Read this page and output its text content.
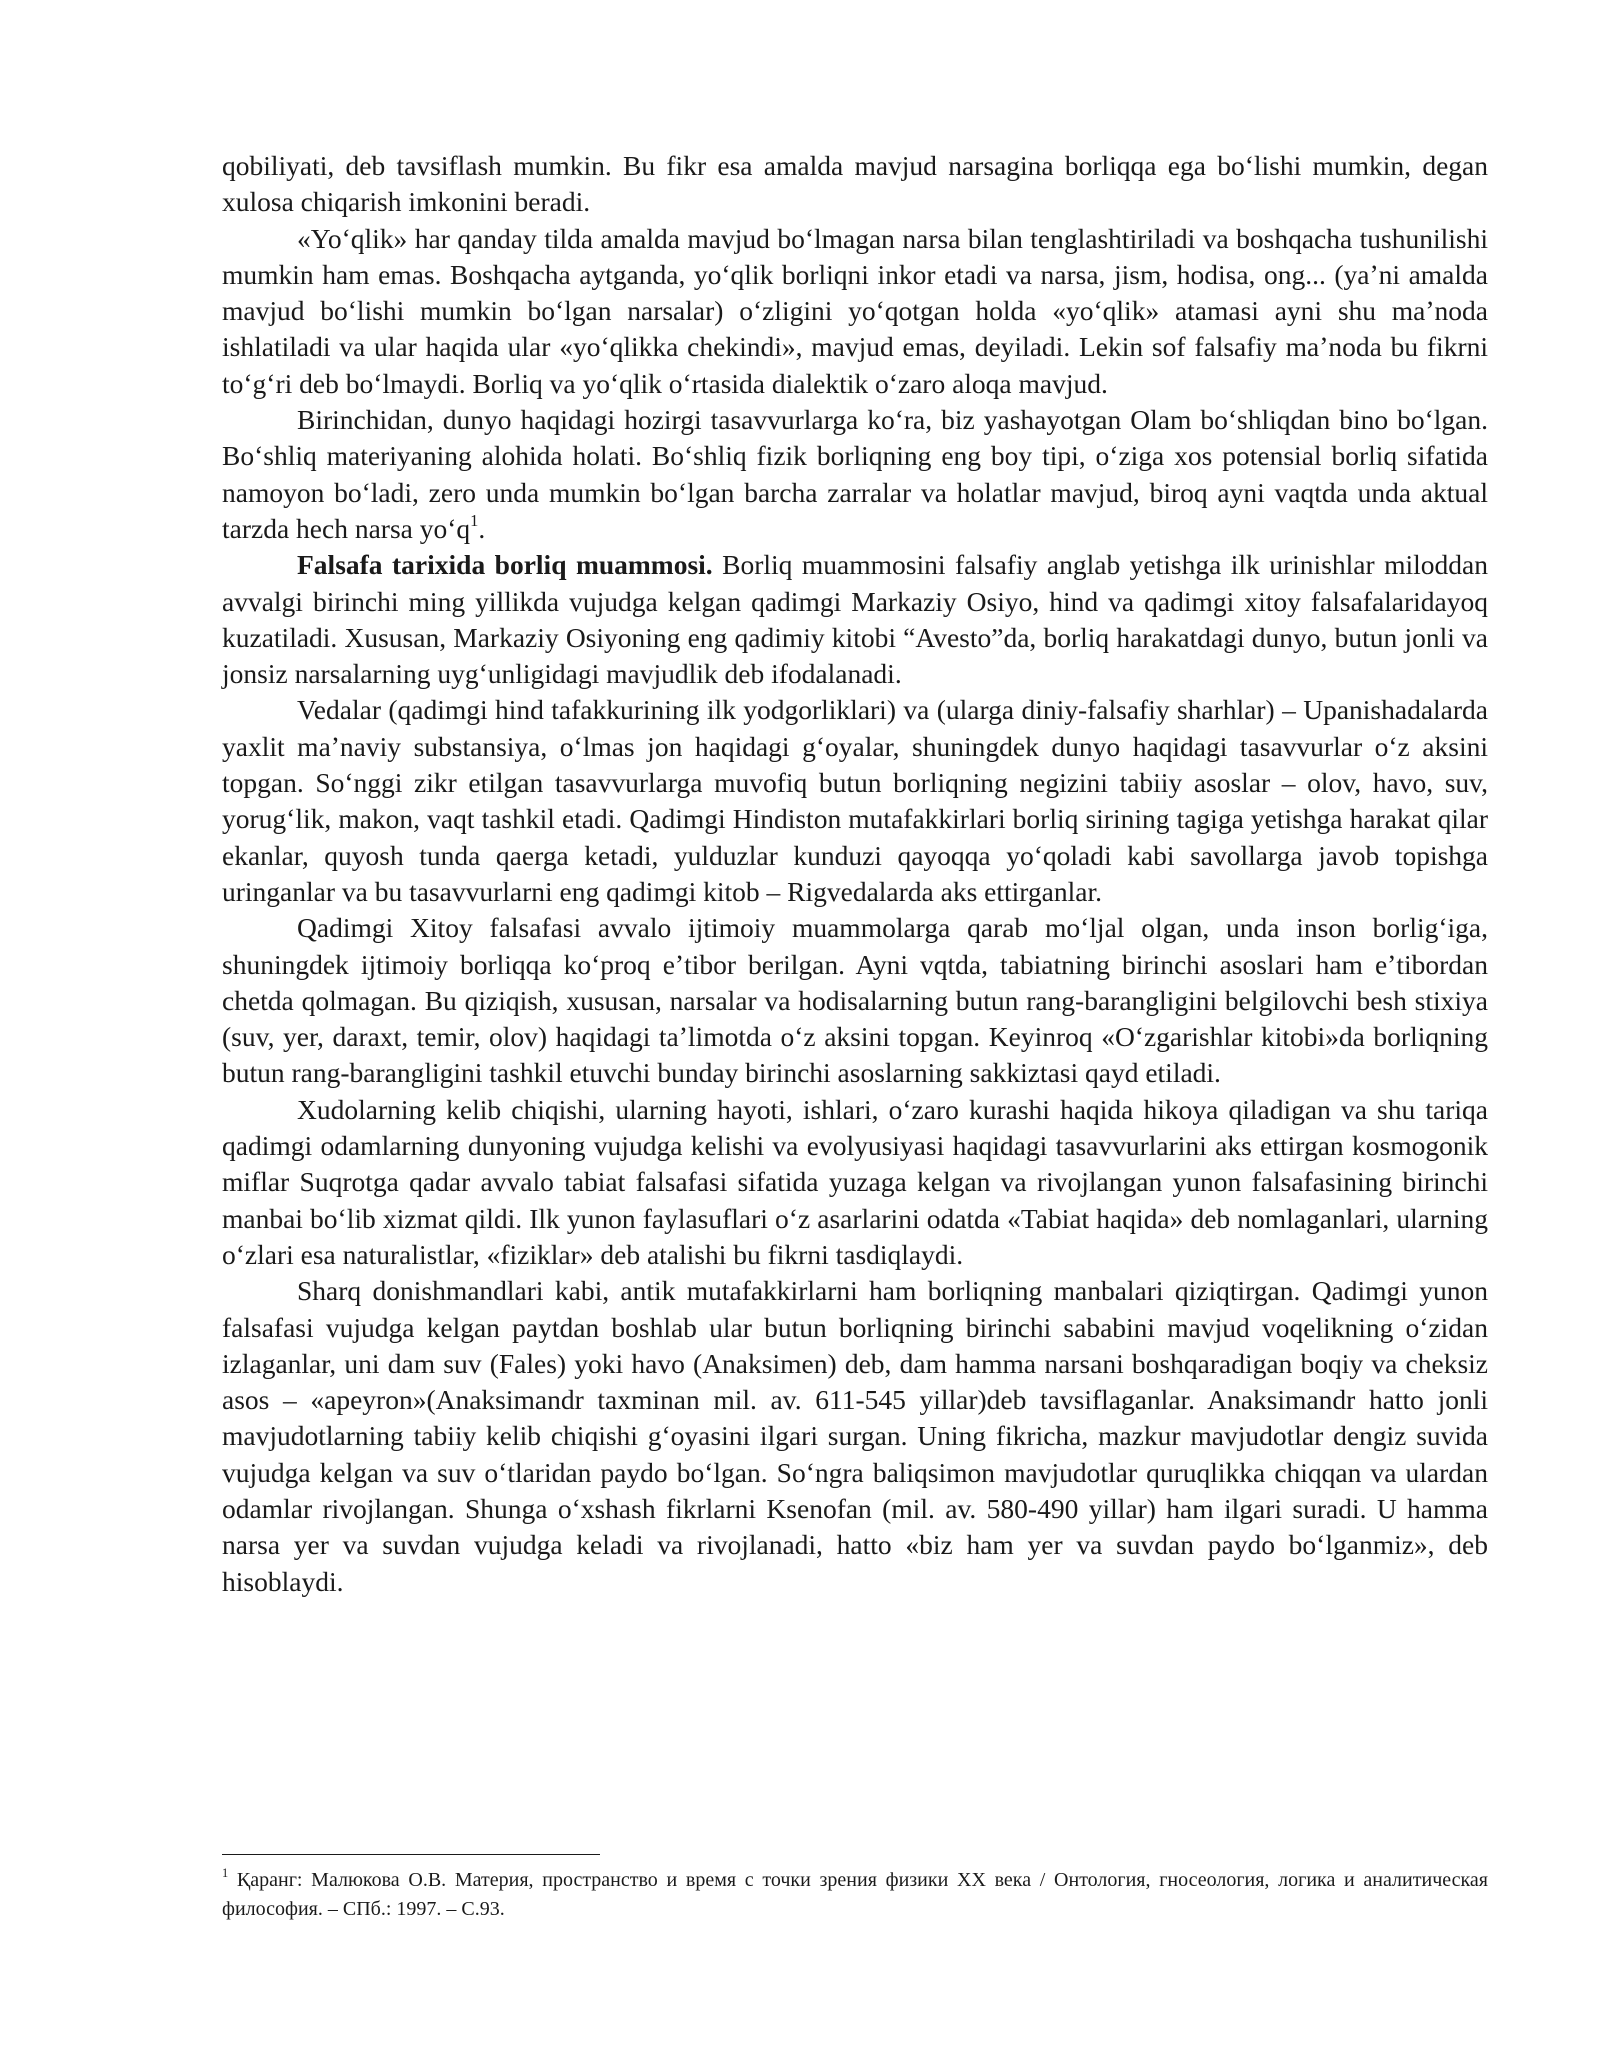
qobiliyati, deb tavsiflash mumkin. Bu fikr esa amalda mavjud narsagina borliqqa ega boʻlishi mumkin, degan xulosa chiqarish imkonini beradi.

«Yoʻqlik» har qanday tilda amalda mavjud boʻlmagan narsa bilan tenglashtiriladi va boshqacha tushunilishi mumkin ham emas. Boshqacha aytganda, yoʻqlik borliqni inkor etadi va narsa, jism, hodisa, ong... (yaʼni amalda mavjud boʻlishi mumkin boʻlgan narsalar) oʻzligini yoʻqotgan holda «yoʻqlik» atamasi ayni shu maʼnoda ishlatiladi va ular haqida ular «yoʻqlikka chekindi», mavjud emas, deyiladi. Lekin sof falsafiy maʼnoda bu fikrni toʻgʻri deb boʻlmaydi. Borliq va yoʻqlik oʻrtasida dialektik oʻzaro aloqa mavjud.

Birinchidan, dunyo haqidagi hozirgi tasavvurlarga koʻra, biz yashayotgan Olam boʻshliqdan bino boʻlgan. Boʻshliq materiyaning alohida holati. Boʻshliq fizik borliqning eng boy tipi, oʻziga xos potensial borliq sifatida namoyon boʻladi, zero unda mumkin boʻlgan barcha zarralar va holatlar mavjud, biroq ayni vaqtda unda aktual tarzda hech narsa yoʻq$^1$.

Falsafa tarixida borliq muammosi. Borliq muammosini falsafiy anglab yetishga ilk urinishlar miloddan avvalgi birinchi ming yillikda vujudga kelgan qadimgi Markaziy Osiyo, hind va qadimgi xitoy falsafalaridayoq kuzatiladi. Xususan, Markaziy Osiyoning eng qadimiy kitobi “Avesto”da, borliq harakatdagi dunyo, butun jonli va jonsiz narsalarning uygʻunligidagi mavjudlik deb ifodalanadi.

Vedalar (qadimgi hind tafakkurining ilk yodgorliklari) va (ularga diniy-falsafiy sharhlar) – Upanishadalarda yaxlit maʼnaviy substansiya, oʻlmas jon haqidagi gʻoyalar, shuningdek dunyo haqidagi tasavvurlar oʻz aksini topgan. Soʻnggi zikr etilgan tasavvurlarga muvofiq butun borliqning negizini tabiiy asoslar – olov, havo, suv, yorugʻlik, makon, vaqt tashkil etadi. Qadimgi Hindiston mutafakkirlari borliq sirining tagiga yetishga harakat qilar ekanlar, quyosh tunda qaerga ketadi, yulduzlar kunduzi qayoqqa yoʻqoladi kabi savollarga javob topishga uringanlar va bu tasavvurlarni eng qadimgi kitob – Rigvedalarda aks ettirganlar.

Qadimgi Xitoy falsafasi avvalo ijtimoiy muammolarga qarab moʻljal olgan, unda inson borligʻiga, shuningdek ijtimoiy borliqqa koʻproq eʼtibor berilgan. Ayni vqtda, tabiatning birinchi asoslari ham eʼtibordan chetda qolmagan. Bu qiziqish, xususan, narsalar va hodisalarning butun rang-barangligini belgilovchi besh stixiya (suv, yer, daraxt, temir, olov) haqidagi taʼlimotda oʻz aksini topgan. Keyinroq «Oʻzgarishlar kitobi»da borliqning butun rang-barangligini tashkil etuvchi bunday birinchi asoslarning sakkiztasi qayd etiladi.

Xudolarning kelib chiqishi, ularning hayoti, ishlari, oʻzaro kurashi haqida hikoya qiladigan va shu tariqa qadimgi odamlarning dunyoning vujudga kelishi va evolyusiyasi haqidagi tasavvurlarini aks ettirgan kosmogonik miflar Suqrotga qadar avvalo tabiat falsafasi sifatida yuzaga kelgan va rivojlangan yunon falsafasining birinchi manbai boʻlib xizmat qildi. Ilk yunon faylasuflari oʻz asarlarini odatda «Tabiat haqida» deb nomlaganlari, ularning oʻzlari esa naturalistlar, «fiziklar» deb atalishi bu fikrni tasdiqlaydi.

Sharq donishmandlari kabi, antik mutafakkirlarni ham borliqning manbalari qiziqtirgan. Qadimgi yunon falsafasi vujudga kelgan paytdan boshlab ular butun borliqning birinchi sababini mavjud voqelikning oʻzidan izlaganlar, uni dam suv (Fales) yoki havo (Anaksimen) deb, dam hamma narsani boshqaradigan boqiy va cheksiz asos – «apeyron»(Anaksimandr taxminan mil. av. 611-545 yillar)deb tavsiflaganlar. Anaksimandr hatto jonli mavjudotlarning tabiiy kelib chiqishi gʻoyasini ilgari surgan. Uning fikricha, mazkur mavjudotlar dengiz suvida vujudga kelgan va suv oʻtlaridan paydo boʻlgan. Soʻngra baliqsimon mavjudotlar quruqlikka chiqqan va ulardan odamlar rivojlangan. Shunga oʻxshash fikrlarni Ksenofan (mil. av. 580-490 yillar) ham ilgari suradi. U hamma narsa yer va suvdan vujudga keladi va rivojlanadi, hatto «biz ham yer va suvdan paydo boʻlganmiz», deb hisoblaydi.

$^1$ Қаранг: Малюкова О.В. Материя, пространство и время с точки зрения физики XX века / Онтология, гносеология, логика и аналитическая философия. – СПб.: 1997. – С.93.
